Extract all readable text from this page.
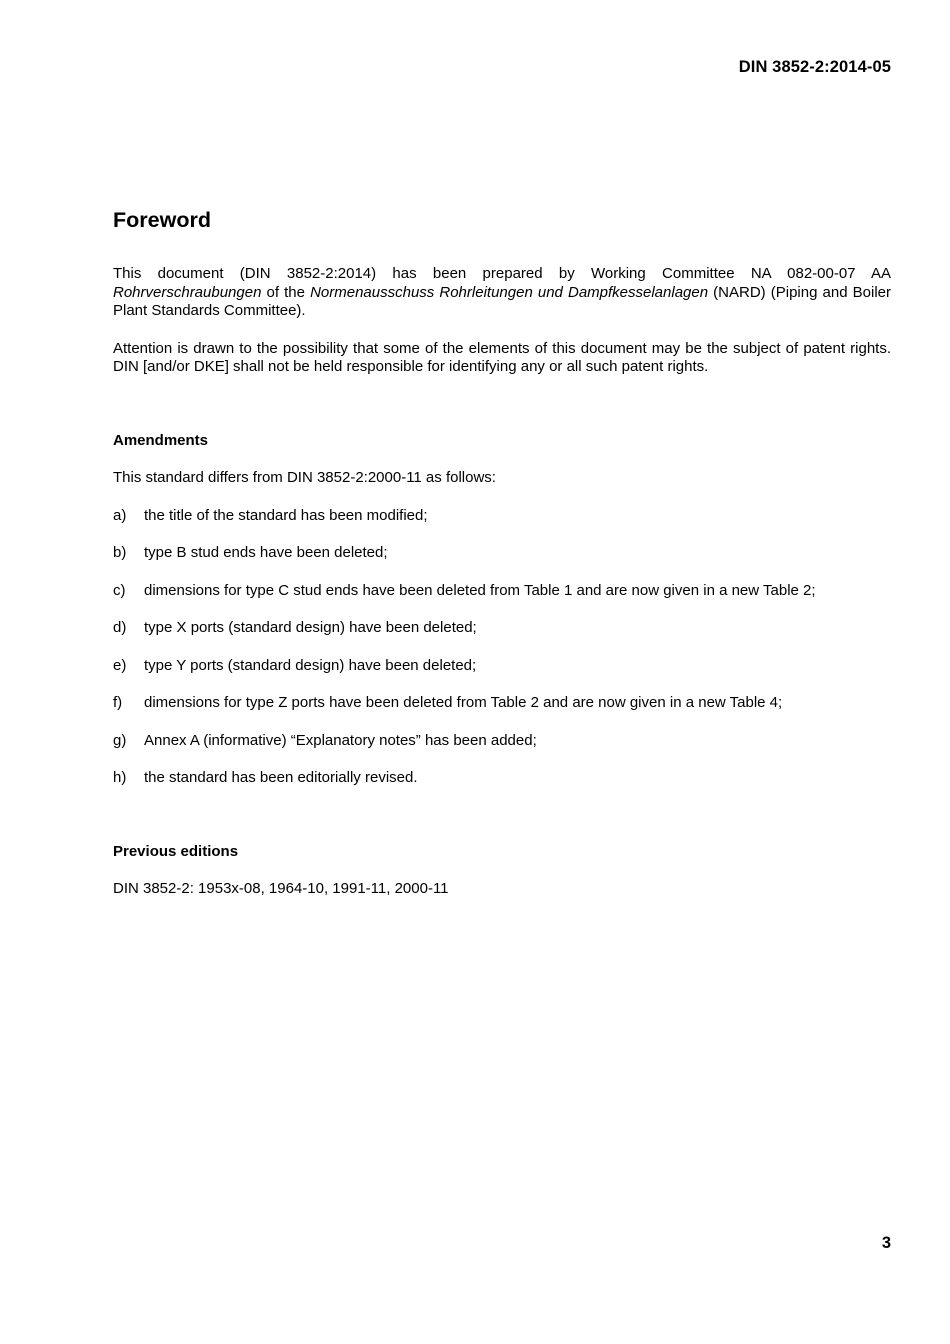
DIN 3852-2:2014-05
Foreword

This document (DIN 3852-2:2014) has been prepared by Working Committee NA 082-00-07 AA Rohrverschraubungen of the Normenausschuss Rohrleitungen und Dampfkesselanlagen (NARD) (Piping and Boiler Plant Standards Committee).

Attention is drawn to the possibility that some of the elements of this document may be the subject of patent rights. DIN [and/or DKE] shall not be held responsible for identifying any or all such patent rights.

Amendments

This standard differs from DIN 3852-2:2000-11 as follows:

a)	the title of the standard has been modified;
b)	type B stud ends have been deleted;
c)	dimensions for type C stud ends have been deleted from Table 1 and are now given in a new Table 2;
d)	type X ports (standard design) have been deleted;
e)	type Y ports (standard design) have been deleted;
f)	dimensions for type Z ports have been deleted from Table 2 and are now given in a new Table 4;
g)	Annex A (informative) “Explanatory notes” has been added;
h)	the standard has been editorially revised.
Previous editions

DIN 3852-2: 1953x-08, 1964-10, 1991-11, 2000-11

3
